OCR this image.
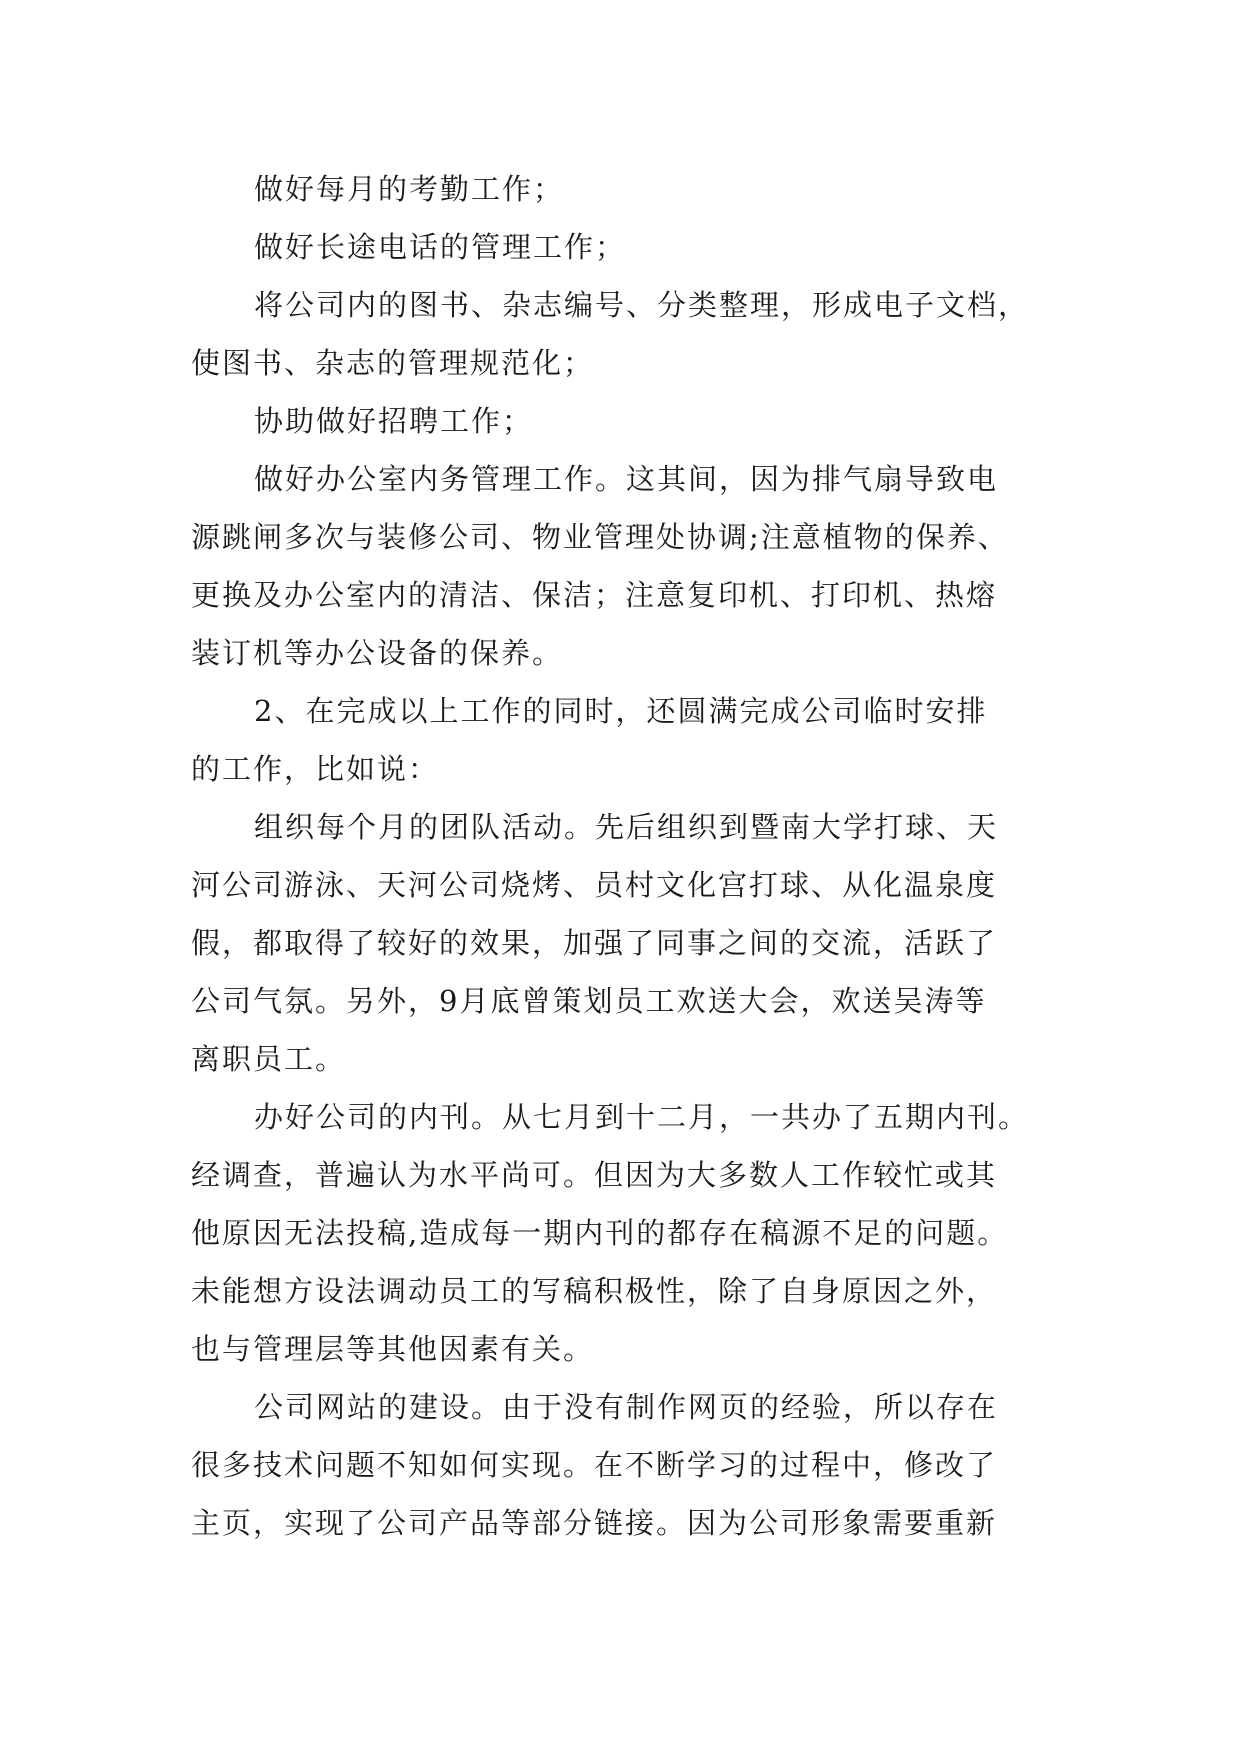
做好每月的考勤工作；
做好长途电话的管理工作；
将公司内的图书、杂志编号、分类整理，形成电子文档，
使图书、杂志的管理规范化；
协助做好招聘工作；
做好办公室内务管理工作。这其间，因为排气扇导致电
源跳闸多次与装修公司、物业管理处协调;注意植物的保养、
更换及办公室内的清洁、保洁；注意复印机、打印机、热熔
装订机等办公设备的保养。
2、在完成以上工作的同时，还圆满完成公司临时安排
的工作，比如说：
组织每个月的团队活动。先后组织到暨南大学打球、天
河公司游泳、天河公司烧烤、员村文化宫打球、从化温泉度
假，都取得了较好的效果，加强了同事之间的交流，活跃了
公司气氛。另外，9月底曾策划员工欢送大会，欢送吴涛等
离职员工。
办好公司的内刊。从七月到十二月，一共办了五期内刊。
经调查，普遍认为水平尚可。但因为大多数人工作较忙或其
他原因无法投稿,造成每一期内刊的都存在稿源不足的问题。
未能想方设法调动员工的写稿积极性，除了自身原因之外，
也与管理层等其他因素有关。
公司网站的建设。由于没有制作网页的经验，所以存在
很多技术问题不知如何实现。在不断学习的过程中，修改了
主页，实现了公司产品等部分链接。因为公司形象需要重新
